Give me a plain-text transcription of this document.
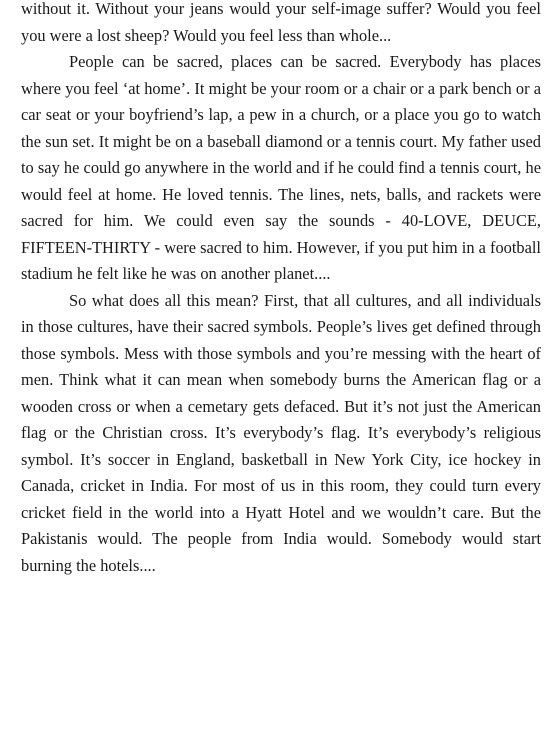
without it. Without your jeans would your self-image suffer? Would you feel you were a lost sheep? Would you feel less than whole...

People can be sacred, places can be sacred. Everybody has places where you feel ‘at home’. It might be your room or a chair or a park bench or a car seat or your boyfriend’s lap, a pew in a church, or a place you go to watch the sun set. It might be on a baseball diamond or a tennis court. My father used to say he could go anywhere in the world and if he could find a tennis court, he would feel at home. He loved tennis. The lines, nets, balls, and rackets were sacred for him. We could even say the sounds - 40-LOVE, DEUCE, FIFTEEN-THIRTY - were sacred to him. However, if you put him in a football stadium he felt like he was on another planet....

So what does all this mean? First, that all cultures, and all individuals in those cultures, have their sacred symbols. People’s lives get defined through those symbols. Mess with those symbols and you’re messing with the heart of men. Think what it can mean when somebody burns the American flag or a wooden cross or when a cemetary gets defaced. But it’s not just the American flag or the Christian cross. It’s everybody’s flag. It’s everybody’s religious symbol. It’s soccer in England, basketball in New York City, ice hockey in Canada, cricket in India. For most of us in this room, they could turn every cricket field in the world into a Hyatt Hotel and we wouldn’t care. But the Pakistanis would. The people from India would. Somebody would start burning the hotels....
